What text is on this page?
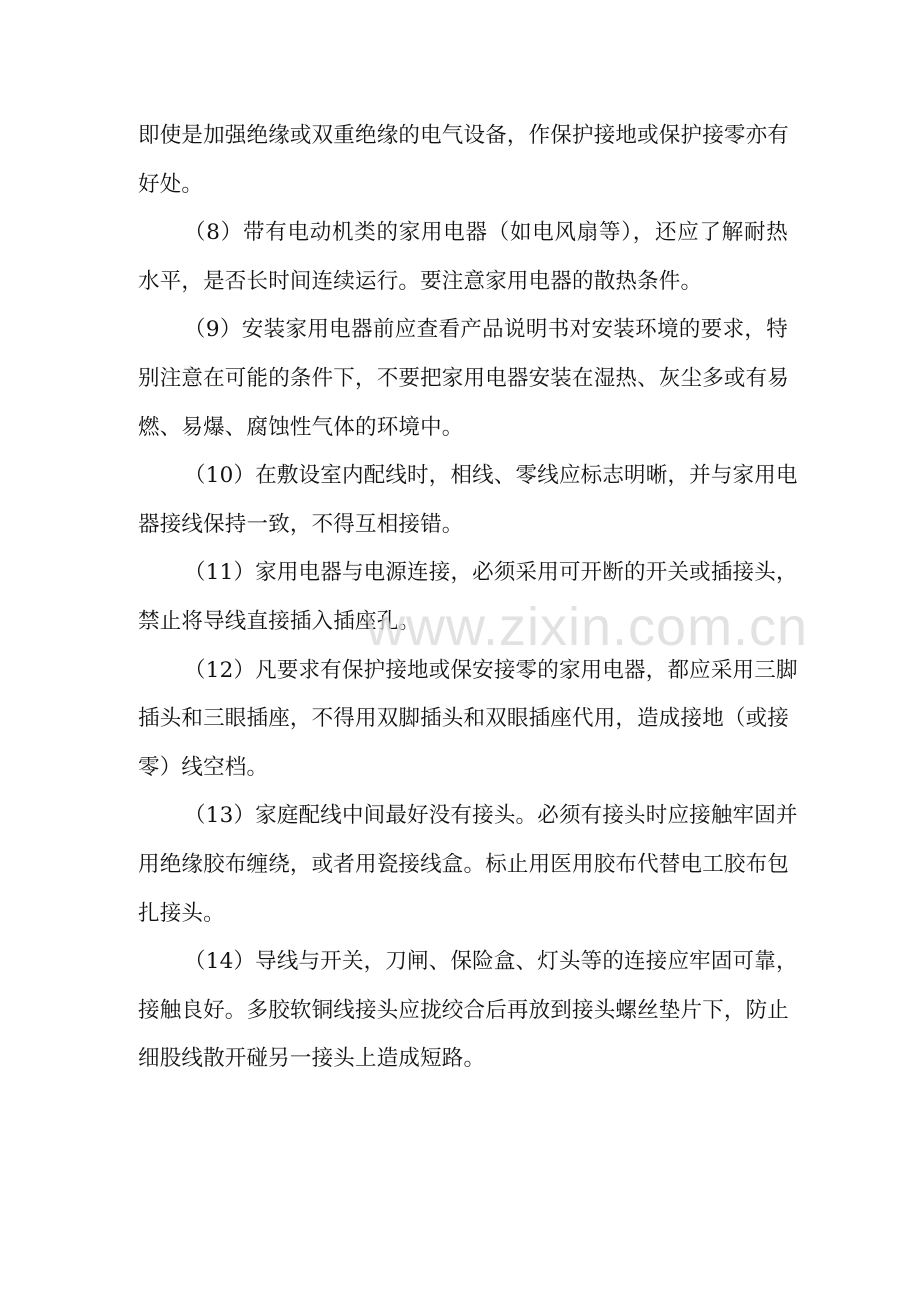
即使是加强绝缘或双重绝缘的电气设备，作保护接地或保护接零亦有
好处。
（8）带有电动机类的家用电器（如电风扇等），还应了解耐热
水平，是否长时间连续运行。要注意家用电器的散热条件。
（9）安装家用电器前应查看产品说明书对安装环境的要求，特
别注意在可能的条件下，不要把家用电器安装在湿热、灰尘多或有易
燃、易爆、腐蚀性气体的环境中。
（10）在敷设室内配线时，相线、零线应标志明晰，并与家用电
器接线保持一致，不得互相接错。
（11）家用电器与电源连接，必须采用可开断的开关或插接头，
禁止将导线直接插入插座孔。
（12）凡要求有保护接地或保安接零的家用电器，都应采用三脚
插头和三眼插座，不得用双脚插头和双眼插座代用，造成接地（或接
零）线空档。
（13）家庭配线中间最好没有接头。必须有接头时应接触牢固并
用绝缘胶布缠绕，或者用瓷接线盒。标止用医用胶布代替电工胶布包
扎接头。
（14）导线与开关，刀闸、保险盒、灯头等的连接应牢固可靠，
接触良好。多胶软铜线接头应拢绞合后再放到接头螺丝垫片下，防止
细股线散开碰另一接头上造成短路。
www.zixin.com.cn
